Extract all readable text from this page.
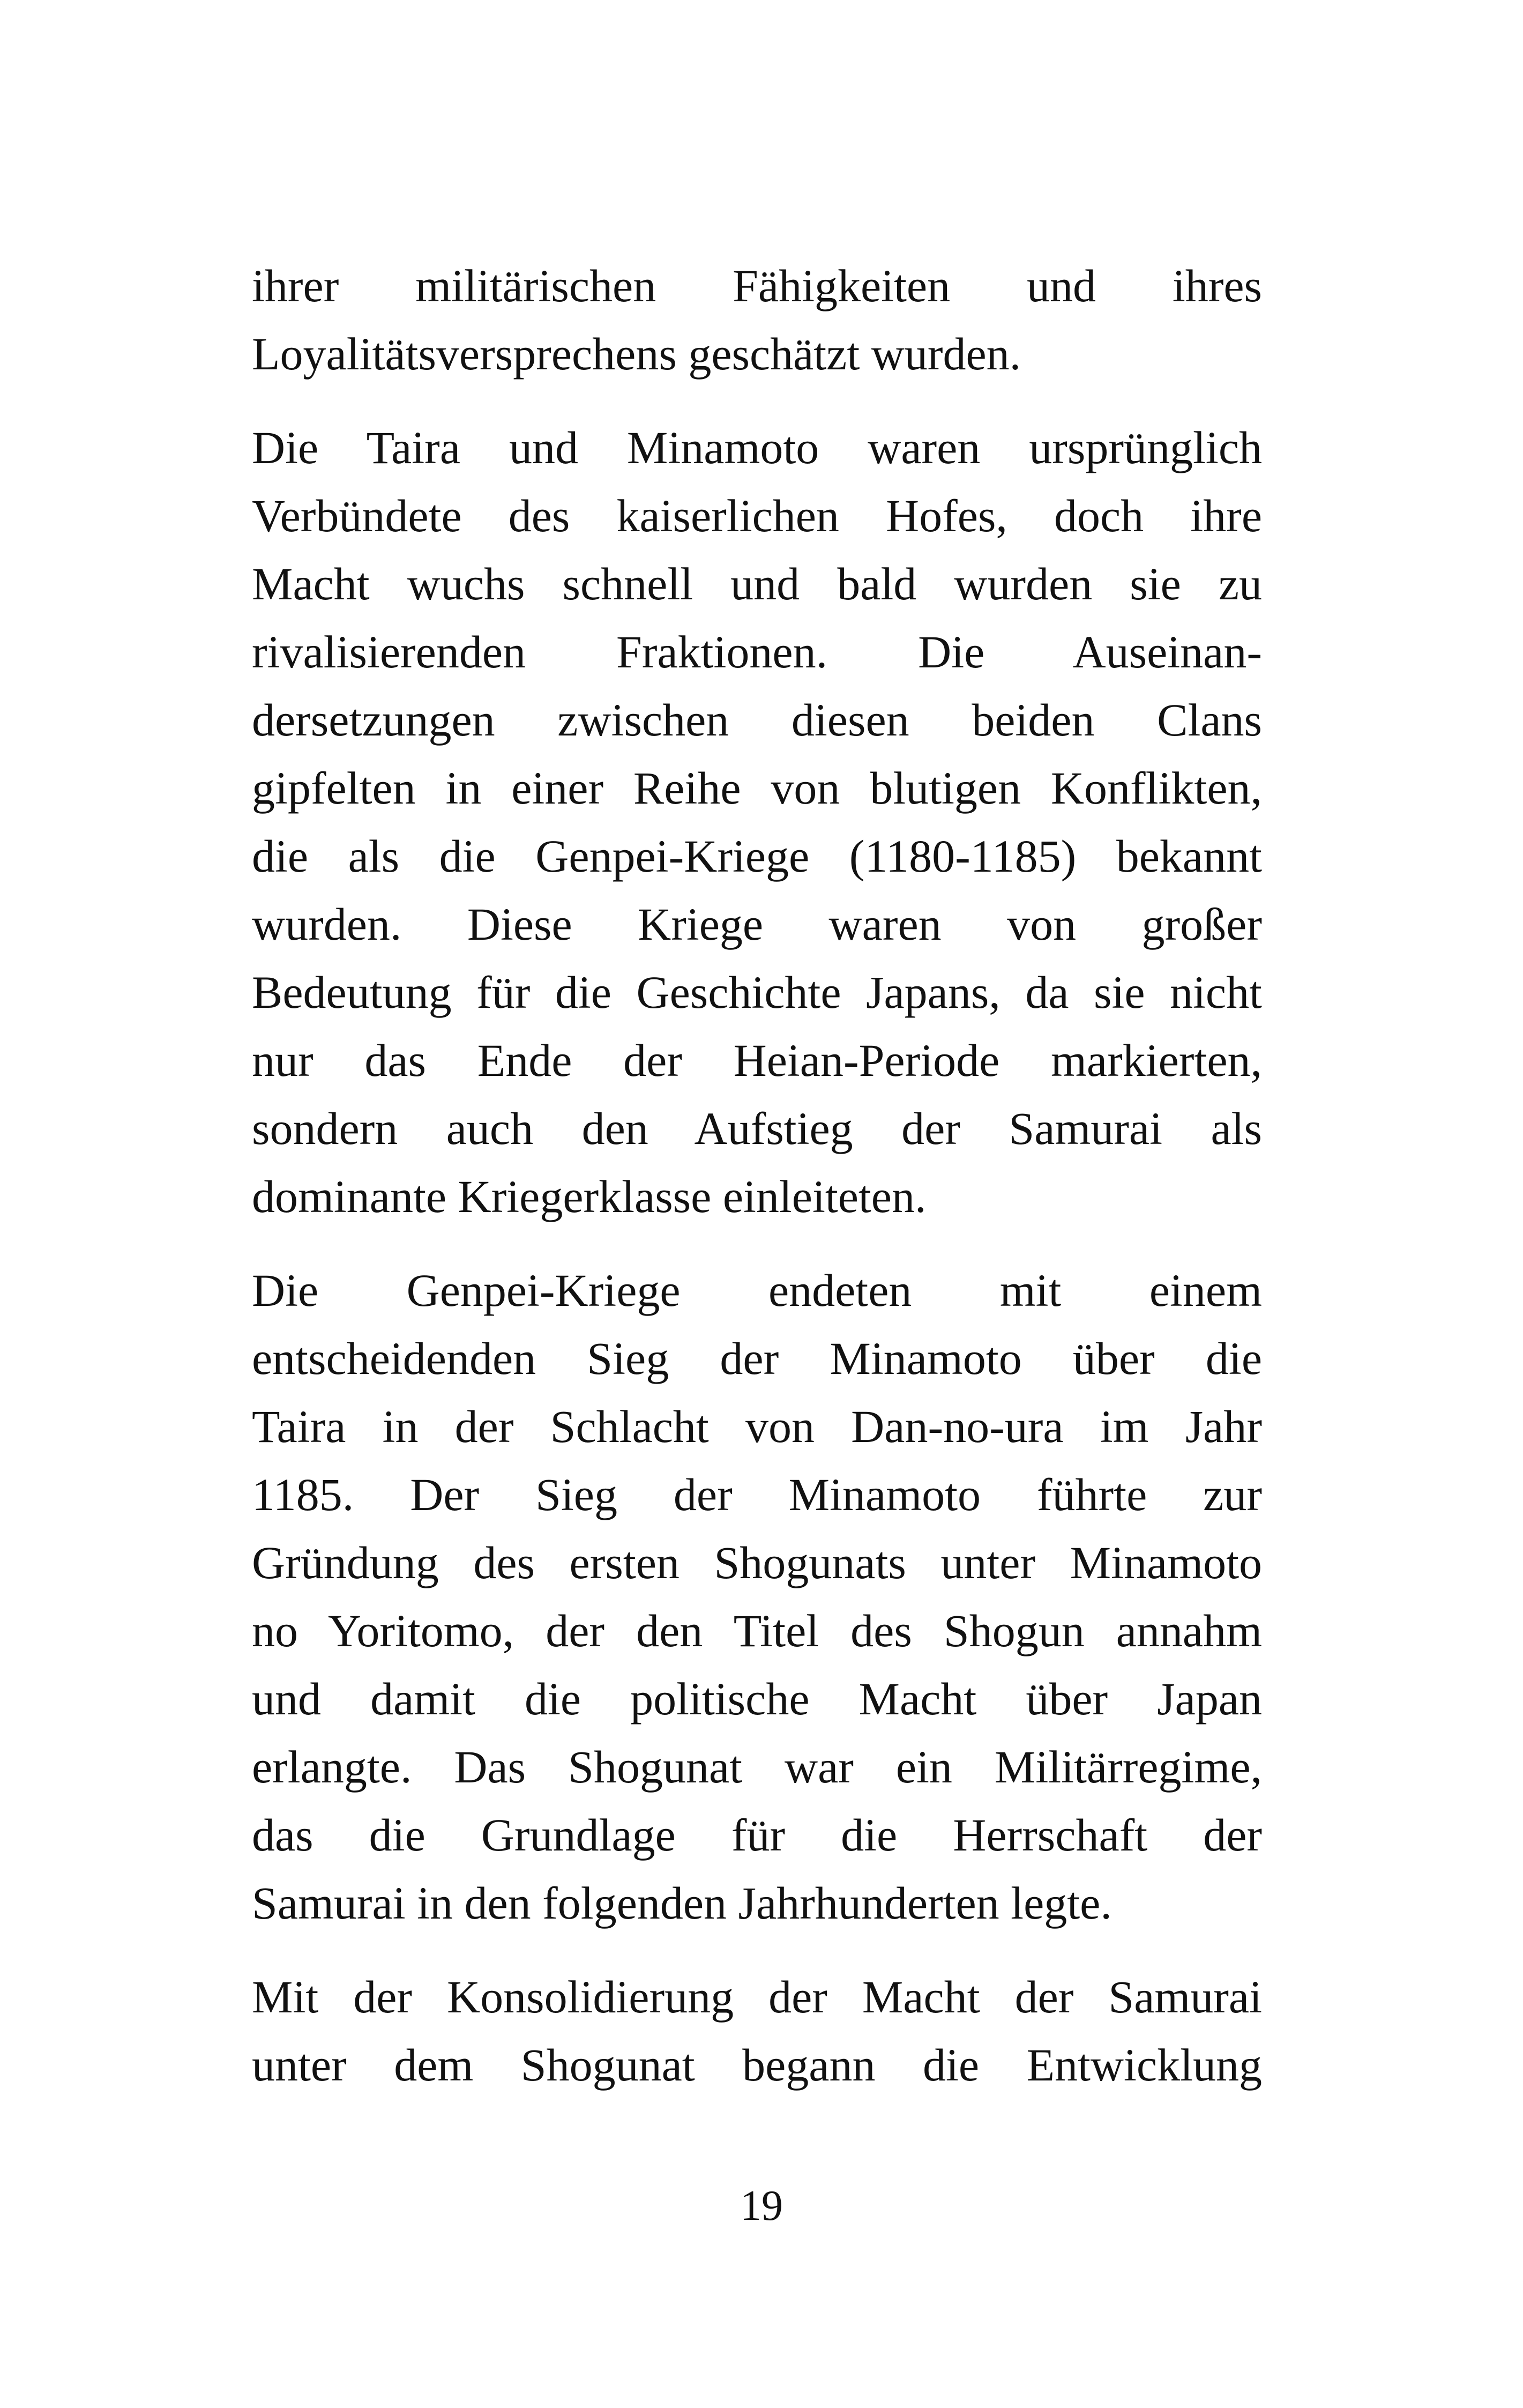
ihrer militärischen Fähigkeiten und ihres
Loyalitätsversprechens geschätzt wurden.

Die Taira und Minamoto waren ursprünglich
Verbündete des kaiserlichen Hofes, doch ihre
Macht wuchs schnell und bald wurden sie zu
rivalisierenden Fraktionen. Die Auseinan-
dersetzungen zwischen diesen beiden Clans
gipfelten in einer Reihe von blutigen Konflikten,
die als die Genpei-Kriege (1180-1185) bekannt
wurden. Diese Kriege waren von großer
Bedeutung für die Geschichte Japans, da sie nicht
nur das Ende der Heian-Periode markierten,
sondern auch den Aufstieg der Samurai als
dominante Kriegerklasse einleiteten.

Die Genpei-Kriege endeten mit einem
entscheidenden Sieg der Minamoto über die
Taira in der Schlacht von Dan-no-ura im Jahr
1185. Der Sieg der Minamoto führte zur
Gründung des ersten Shogunats unter Minamoto
no Yoritomo, der den Titel des Shogun annahm
und damit die politische Macht über Japan
erlangte. Das Shogunat war ein Militärregime,
das die Grundlage für die Herrschaft der
Samurai in den folgenden Jahrhunderten legte.

Mit der Konsolidierung der Macht der Samurai
unter dem Shogunat begann die Entwicklung

19
